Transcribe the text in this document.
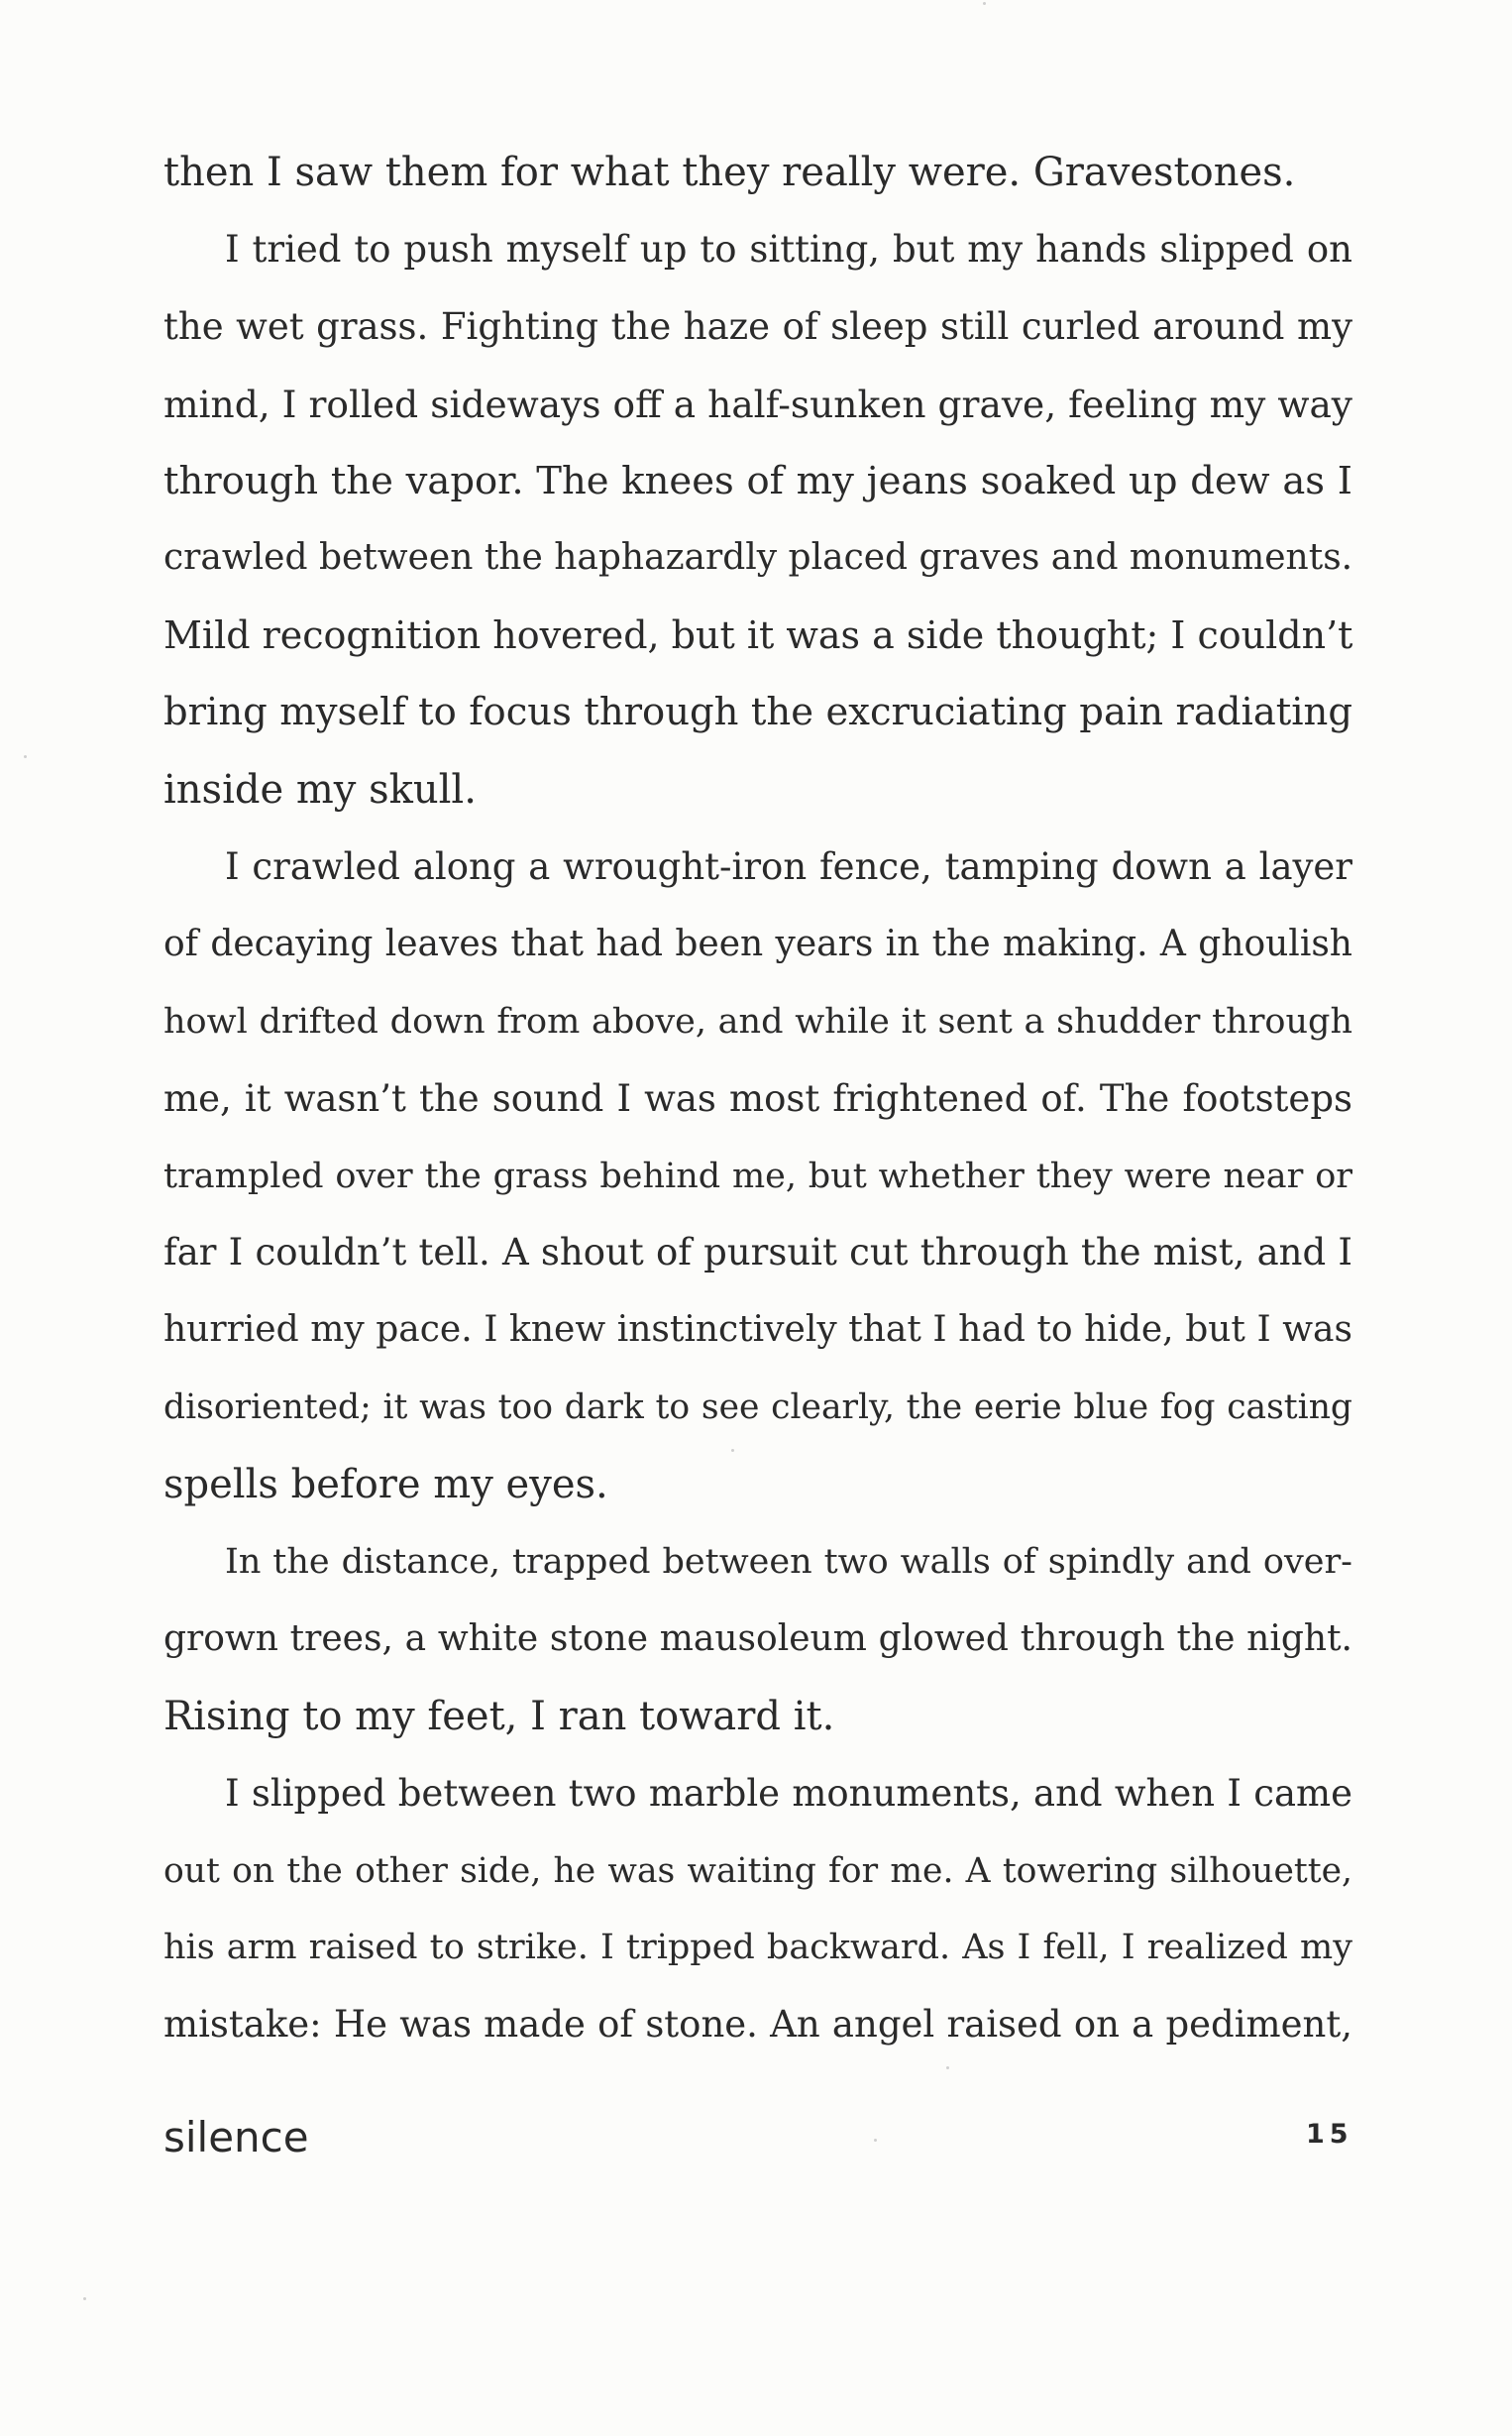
then I saw them for what they really were. Gravestones.
I tried to push myself up to sitting, but my hands slipped on
the wet grass. Fighting the haze of sleep still curled around my
mind, I rolled sideways off a half-sunken grave, feeling my way
through the vapor. The knees of my jeans soaked up dew as I
crawled between the haphazardly placed graves and monuments.
Mild recognition hovered, but it was a side thought; I couldn’t
bring myself to focus through the excruciating pain radiating
inside my skull.
I crawled along a wrought-iron fence, tamping down a layer
of decaying leaves that had been years in the making. A ghoulish
howl drifted down from above, and while it sent a shudder through
me, it wasn’t the sound I was most frightened of. The footsteps
trampled over the grass behind me, but whether they were near or
far I couldn’t tell. A shout of pursuit cut through the mist, and I
hurried my pace. I knew instinctively that I had to hide, but I was
disoriented; it was too dark to see clearly, the eerie blue fog casting
spells before my eyes.
In the distance, trapped between two walls of spindly and over-
grown trees, a white stone mausoleum glowed through the night.
Rising to my feet, I ran toward it.
I slipped between two marble monuments, and when I came
out on the other side, he was waiting for me. A towering silhouette,
his arm raised to strike. I tripped backward. As I fell, I realized my
mistake: He was made of stone. An angel raised on a pediment,
silence	15
